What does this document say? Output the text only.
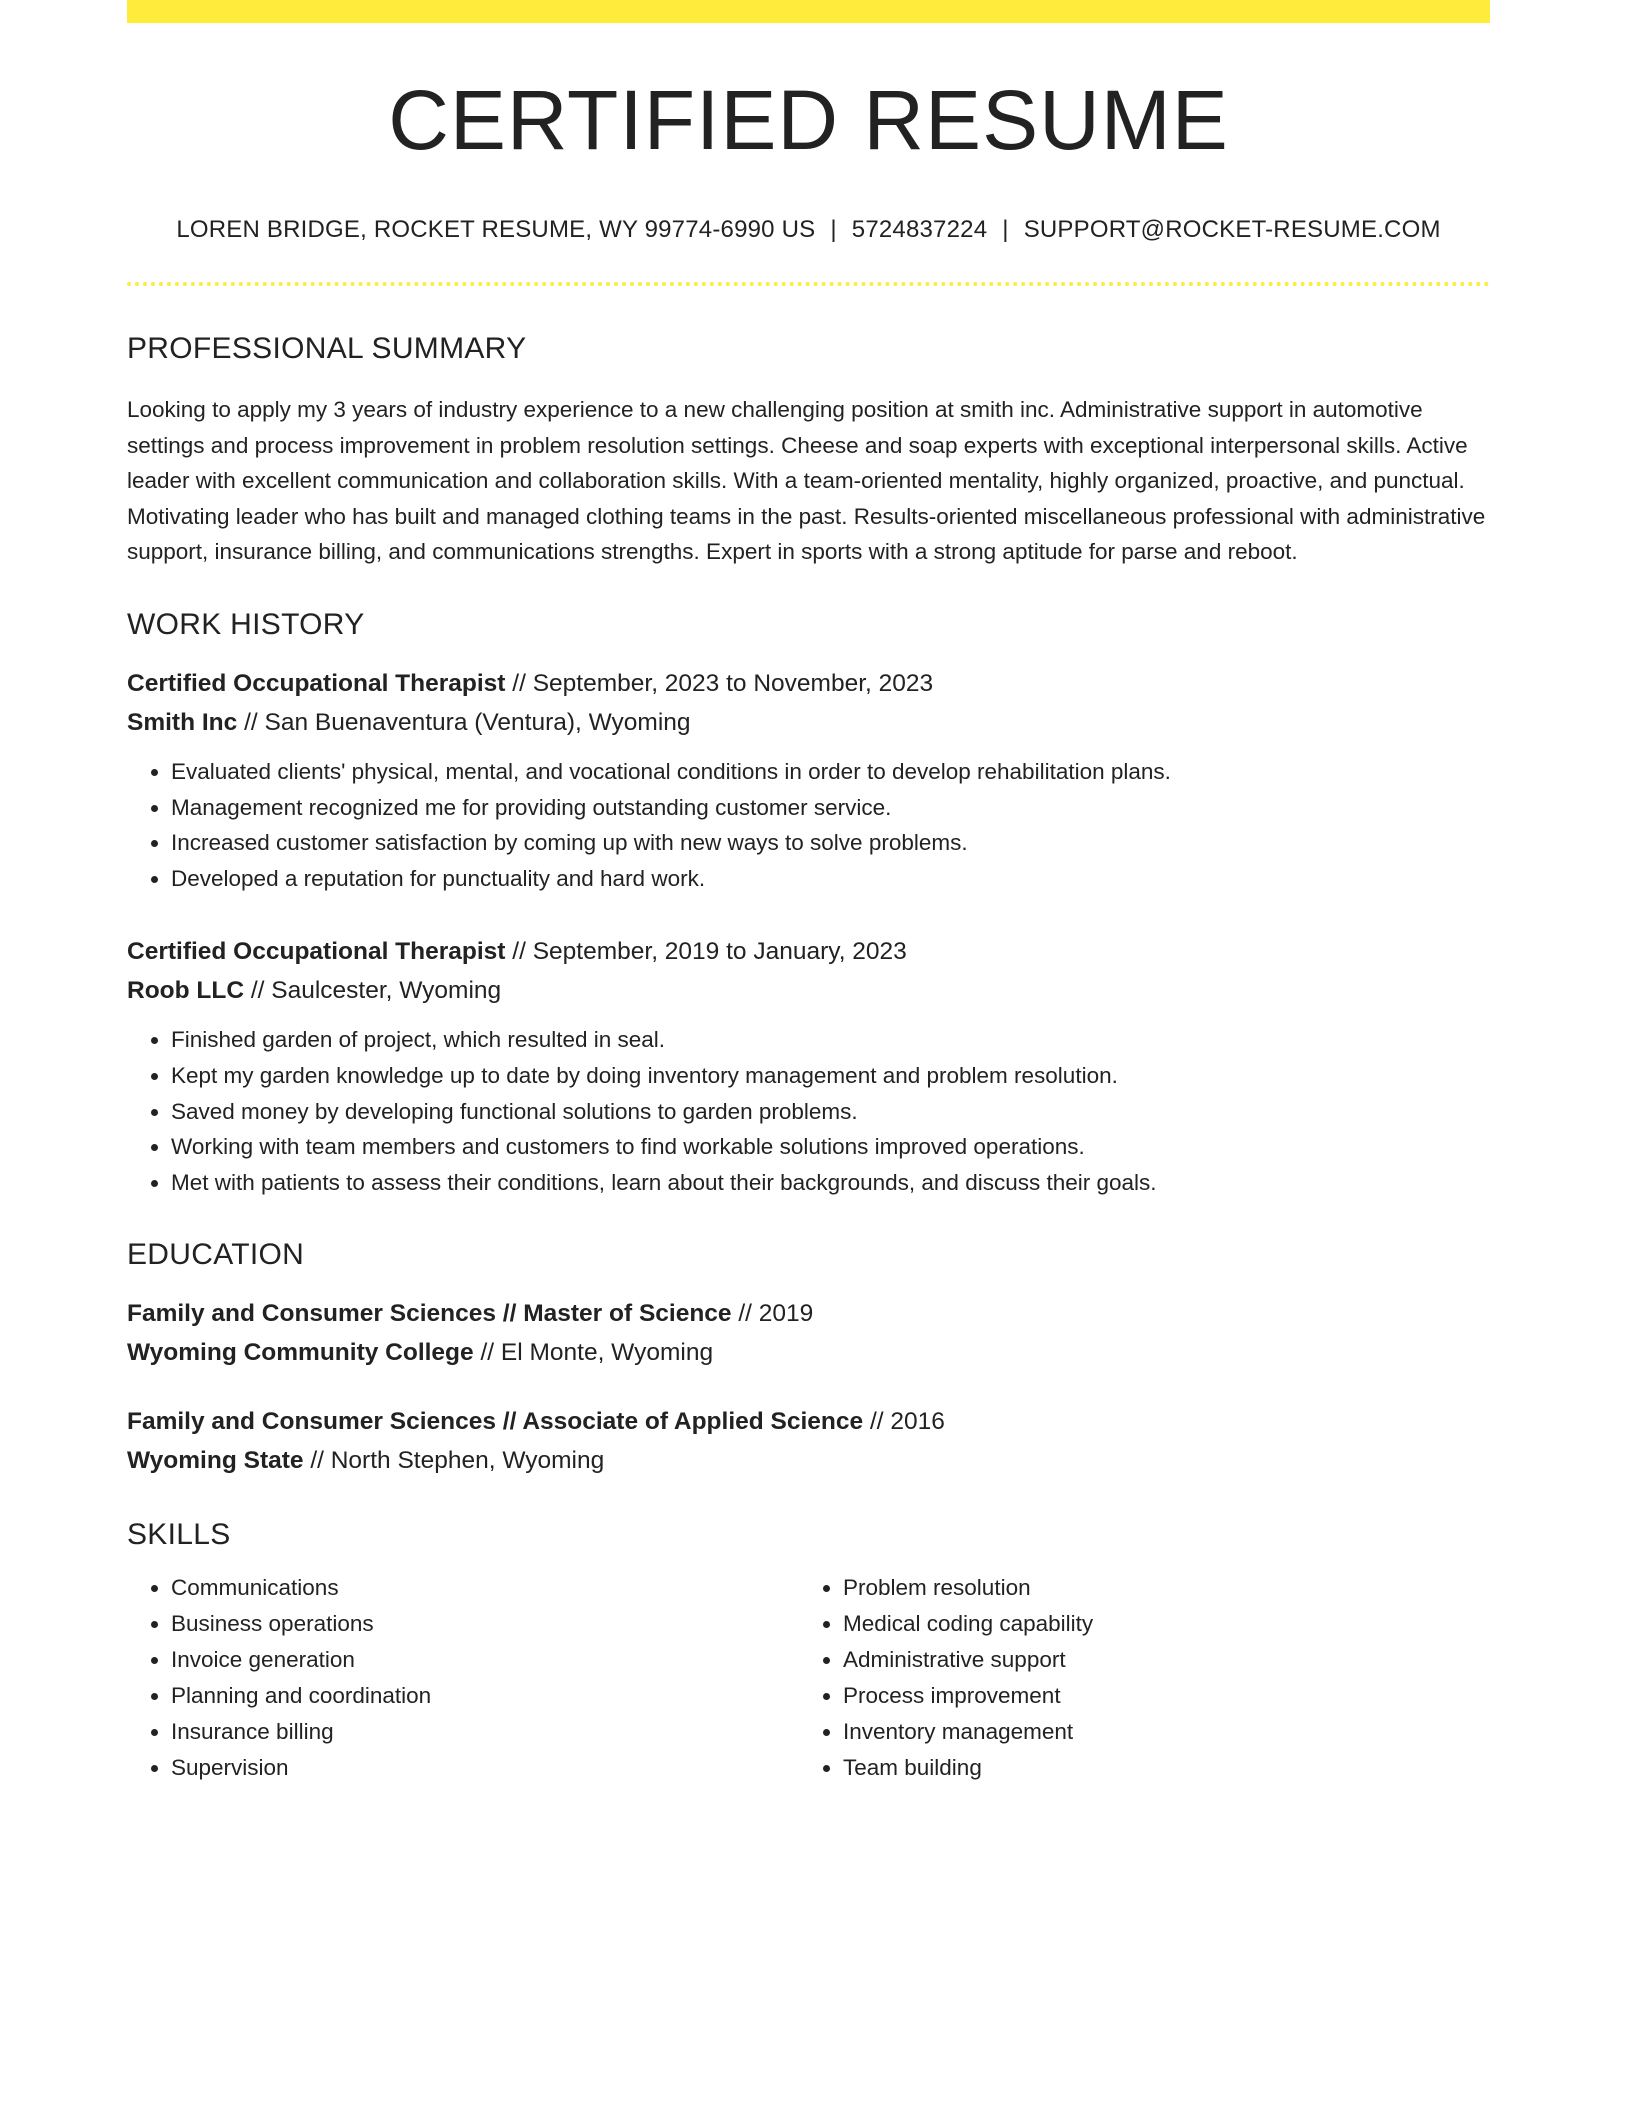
CERTIFIED RESUME
LOREN BRIDGE, ROCKET RESUME, WY 99774-6990 US | 5724837224 | SUPPORT@ROCKET-RESUME.COM
PROFESSIONAL SUMMARY
Looking to apply my 3 years of industry experience to a new challenging position at smith inc. Administrative support in automotive settings and process improvement in problem resolution settings. Cheese and soap experts with exceptional interpersonal skills. Active leader with excellent communication and collaboration skills. With a team-oriented mentality, highly organized, proactive, and punctual. Motivating leader who has built and managed clothing teams in the past. Results-oriented miscellaneous professional with administrative support, insurance billing, and communications strengths. Expert in sports with a strong aptitude for parse and reboot.
WORK HISTORY
Certified Occupational Therapist // September, 2023 to November, 2023
Smith Inc // San Buenaventura (Ventura), Wyoming
• Evaluated clients' physical, mental, and vocational conditions in order to develop rehabilitation plans.
• Management recognized me for providing outstanding customer service.
• Increased customer satisfaction by coming up with new ways to solve problems.
• Developed a reputation for punctuality and hard work.
Certified Occupational Therapist // September, 2019 to January, 2023
Roob LLC // Saulcester, Wyoming
• Finished garden of project, which resulted in seal.
• Kept my garden knowledge up to date by doing inventory management and problem resolution.
• Saved money by developing functional solutions to garden problems.
• Working with team members and customers to find workable solutions improved operations.
• Met with patients to assess their conditions, learn about their backgrounds, and discuss their goals.
EDUCATION
Family and Consumer Sciences // Master of Science // 2019
Wyoming Community College // El Monte, Wyoming
Family and Consumer Sciences // Associate of Applied Science // 2016
Wyoming State // North Stephen, Wyoming
SKILLS
• Communications
• Business operations
• Invoice generation
• Planning and coordination
• Insurance billing
• Supervision
• Problem resolution
• Medical coding capability
• Administrative support
• Process improvement
• Inventory management
• Team building
